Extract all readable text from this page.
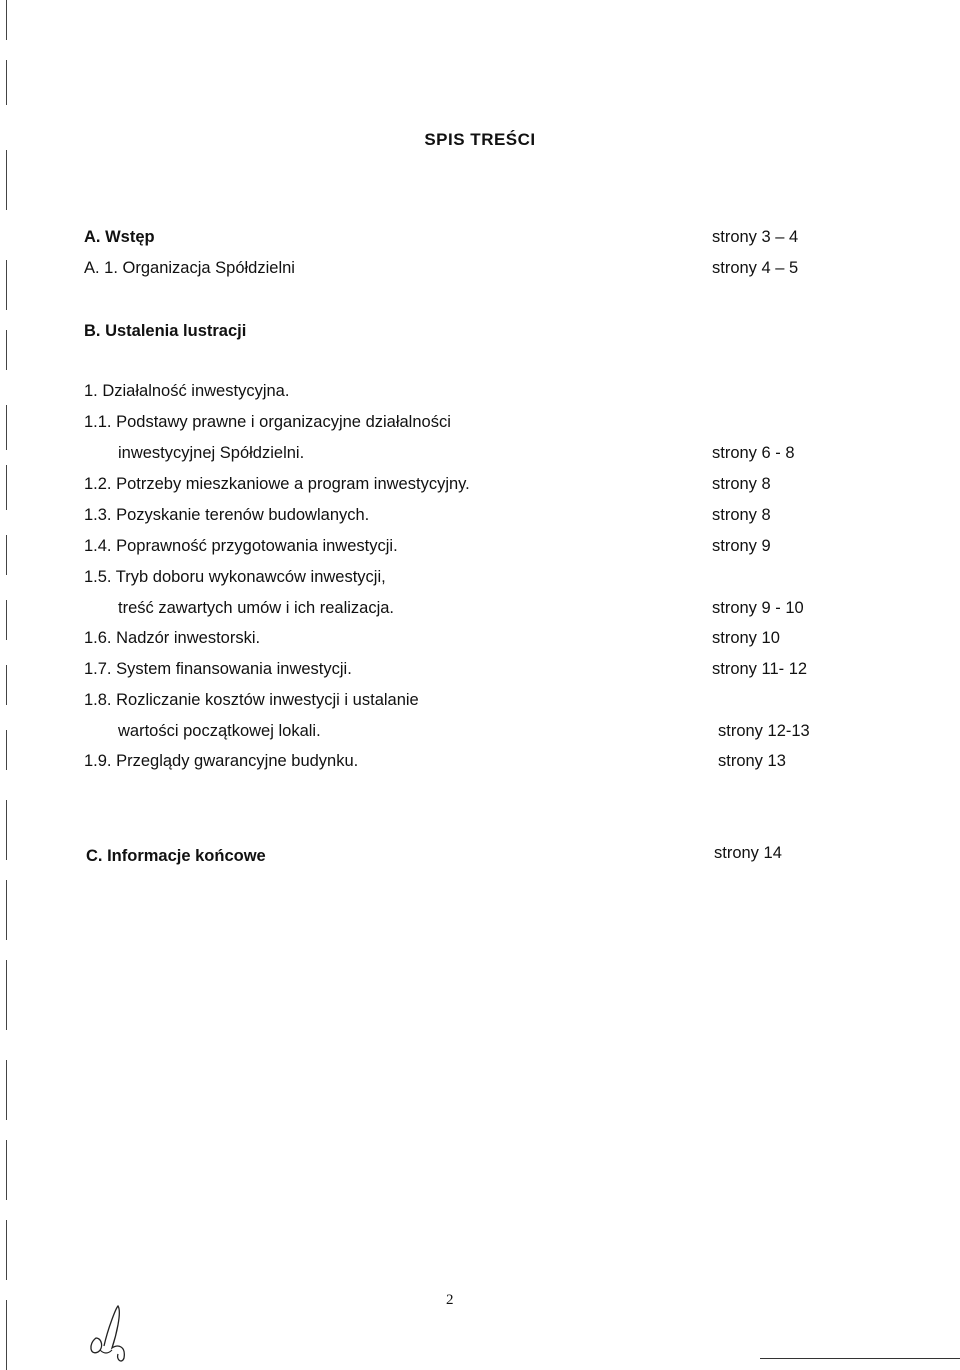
SPIS TREŚCI
A. Wstęp	strony 3 – 4
A. 1. Organizacja Spółdzielni	strony 4 – 5
B. Ustalenia lustracji
1. Działalność inwestycyjna.
1.1. Podstawy prawne i organizacyjne działalności
inwestycyjnej Spółdzielni.	strony 6 - 8
1.2. Potrzeby mieszkaniowe a program inwestycyjny.	strony 8
1.3. Pozyskanie terenów budowlanych.	strony 8
1.4. Poprawność przygotowania inwestycji.	strony 9
1.5. Tryb doboru wykonawców inwestycji,
treść zawartych umów i ich realizacja.	strony 9 - 10
1.6. Nadzór inwestorski.	strony 10
1.7. System finansowania inwestycji.	strony 11- 12
1.8. Rozliczanie kosztów inwestycji i ustalanie
wartości początkowej lokali.	strony 12-13
1.9. Przeglądy gwarancyjne budynku.	strony 13
C. Informacje końcowe	strony 14
2
